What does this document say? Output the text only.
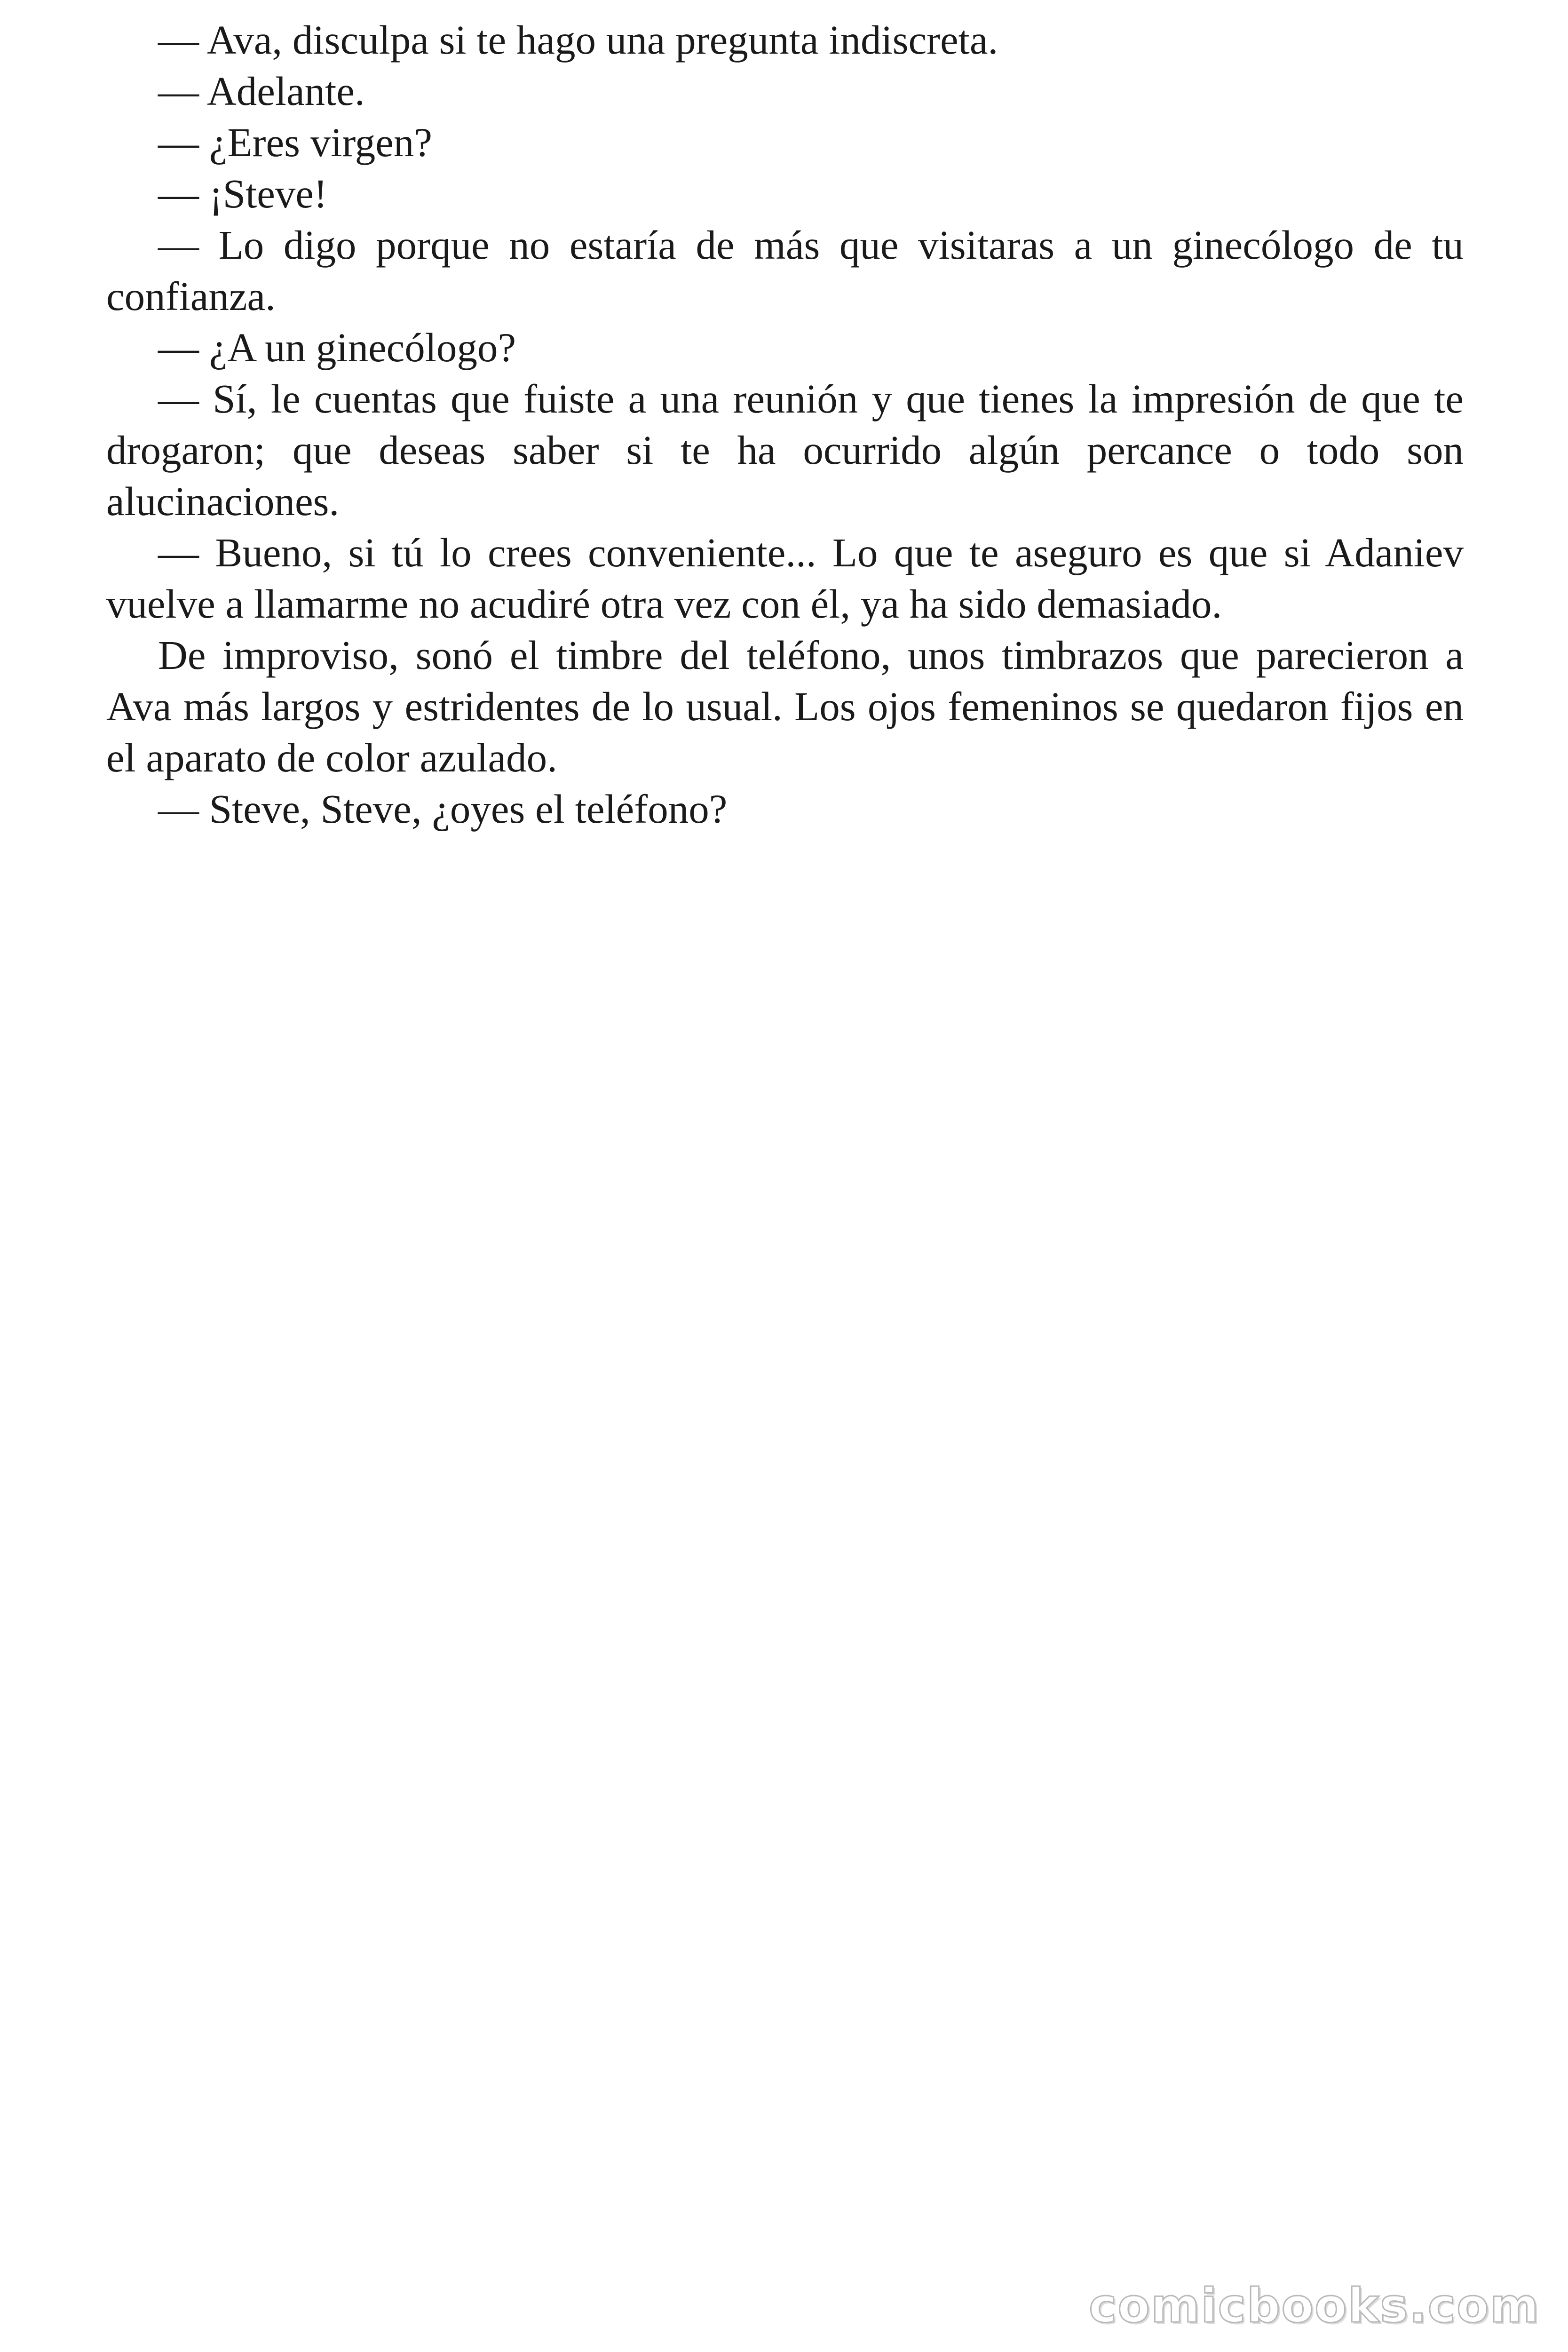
— Ava, disculpa si te hago una pregunta indiscreta.

— Adelante.

— ¿Eres virgen?

— ¡Steve!

— Lo digo porque no estaría de más que visitaras a un ginecólogo de tu confianza.

— ¿A un ginecólogo?

— Sí, le cuentas que fuiste a una reunión y que tienes la impresión de que te drogaron; que deseas saber si te ha ocurrido algún percance o todo son alucinaciones.

— Bueno, si tú lo crees conveniente... Lo que te aseguro es que si Adaniev vuelve a llamarme no acudiré otra vez con él, ya ha sido demasiado.

De improviso, sonó el timbre del teléfono, unos timbrazos que parecieron a Ava más largos y estridentes de lo usual. Los ojos femeninos se quedaron fijos en el aparato de color azulado.

— Steve, Steve, ¿oyes el teléfono?

comicbooks.com
